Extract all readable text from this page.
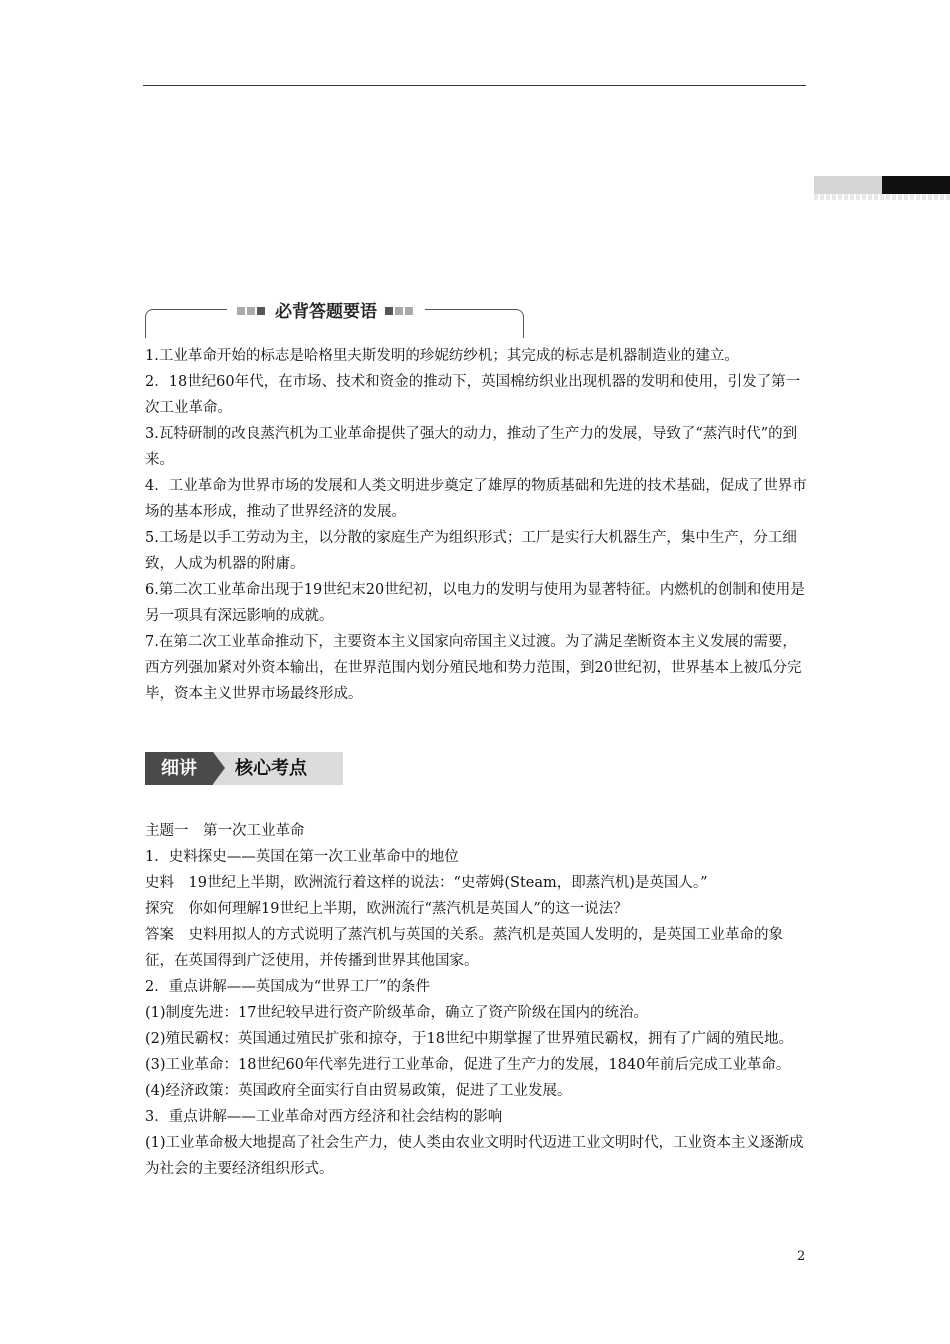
必背答题要语

1.工业革命开始的标志是哈格里夫斯发明的珍妮纺纱机；其完成的标志是机器制造业的建立。

2．18世纪60年代，在市场、技术和资金的推动下，英国棉纺织业出现机器的发明和使用，引发了第一次工业革命。

3.瓦特研制的改良蒸汽机为工业革命提供了强大的动力，推动了生产力的发展，导致了“蒸汽时代”的到来。

4．工业革命为世界市场的发展和人类文明进步奠定了雄厚的物质基础和先进的技术基础，促成了世界市场的基本形成，推动了世界经济的发展。

5.工场是以手工劳动为主，以分散的家庭生产为组织形式；工厂是实行大机器生产，集中生产，分工细致，人成为机器的附庸。

6.第二次工业革命出现于19世纪末20世纪初，以电力的发明与使用为显著特征。内燃机的创制和使用是另一项具有深远影响的成就。

7.在第二次工业革命推动下，主要资本主义国家向帝国主义过渡。为了满足垄断资本主义发展的需要，西方列强加紧对外资本输出，在世界范围内划分殖民地和势力范围，到20世纪初，世界基本上被瓜分完毕，资本主义世界市场最终形成。

细讲	核心考点

主题一　第一次工业革命

1．史料探史——英国在第一次工业革命中的地位

史料　19世纪上半期，欧洲流行着这样的说法：“史蒂姆(Steam，即蒸汽机)是英国人。”

探究　你如何理解19世纪上半期，欧洲流行“蒸汽机是英国人”的这一说法？

答案　史料用拟人的方式说明了蒸汽机与英国的关系。蒸汽机是英国人发明的，是英国工业革命的象征，在英国得到广泛使用，并传播到世界其他国家。

2．重点讲解——英国成为“世界工厂”的条件

(1)制度先进：17世纪较早进行资产阶级革命，确立了资产阶级在国内的统治。

(2)殖民霸权：英国通过殖民扩张和掠夺，于18世纪中期掌握了世界殖民霸权，拥有了广阔的殖民地。

(3)工业革命：18世纪60年代率先进行工业革命，促进了生产力的发展，1840年前后完成工业革命。

(4)经济政策：英国政府全面实行自由贸易政策，促进了工业发展。

3．重点讲解——工业革命对西方经济和社会结构的影响

(1)工业革命极大地提高了社会生产力，使人类由农业文明时代迈进工业文明时代，工业资本主义逐渐成为社会的主要经济组织形式。

2
